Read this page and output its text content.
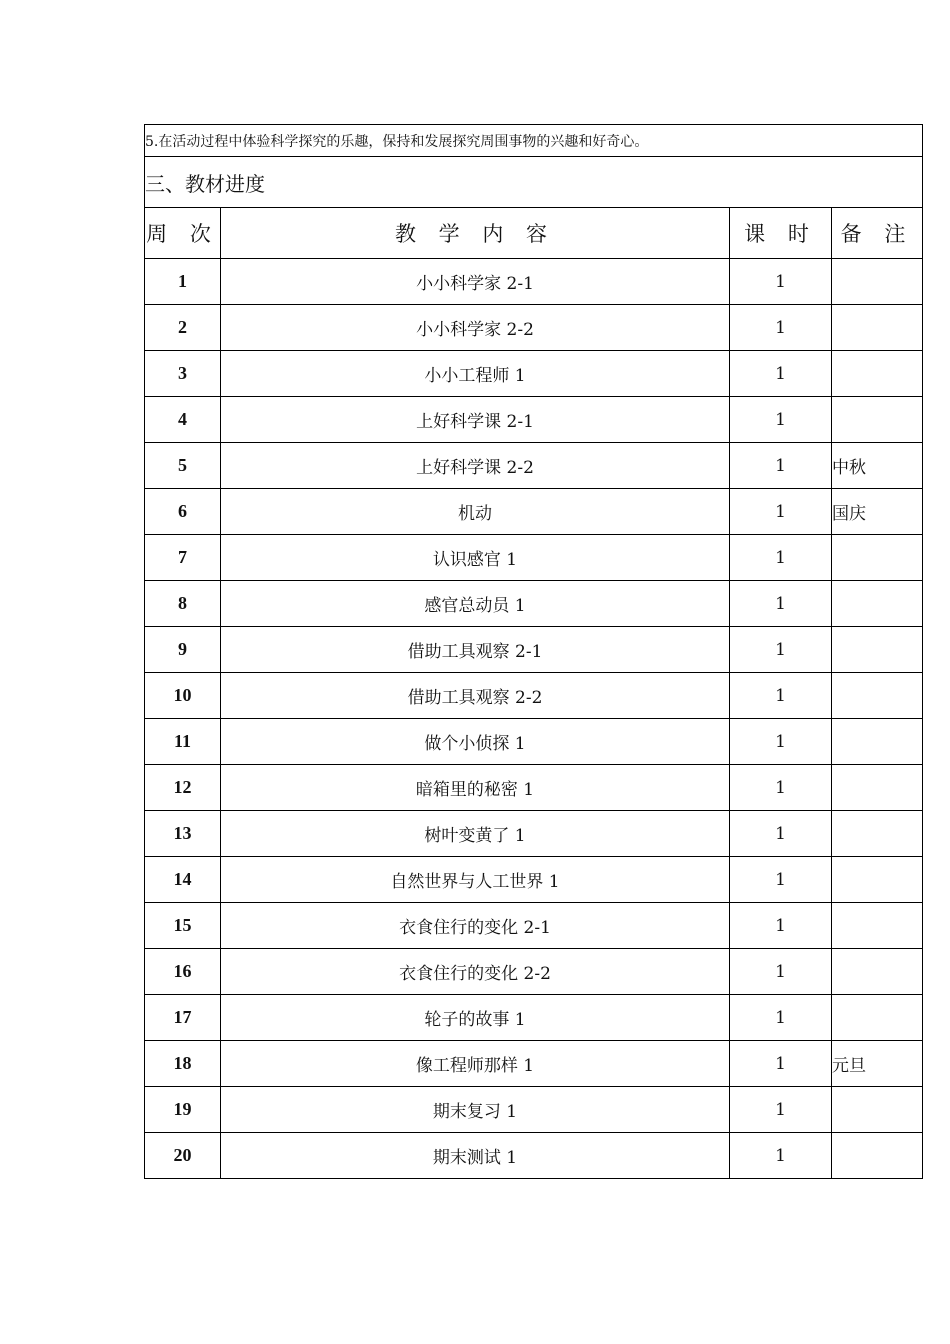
5.在活动过程中体验科学探究的乐趣，保持和发展探究周围事物的兴趣和好奇心。			
三、教材进度			
周 次	教 学 内 容	课 时	备 注
1	小小科学家 2-1	1	
2	小小科学家 2-2	1	
3	小小工程师 1	1	
4	上好科学课 2-1	1	
5	上好科学课 2-2	1	中秋
6	机动	1	国庆
7	认识感官 1	1	
8	感官总动员 1	1	
9	借助工具观察 2-1	1	
10	借助工具观察 2-2	1	
11	做个小侦探 1	1	
12	暗箱里的秘密 1	1	
13	树叶变黄了 1	1	
14	自然世界与人工世界 1	1	
15	衣食住行的变化 2-1	1	
16	衣食住行的变化 2-2	1	
17	轮子的故事 1	1	
18	像工程师那样 1	1	元旦
19	期末复习 1	1	
20	期末测试 1	1	
